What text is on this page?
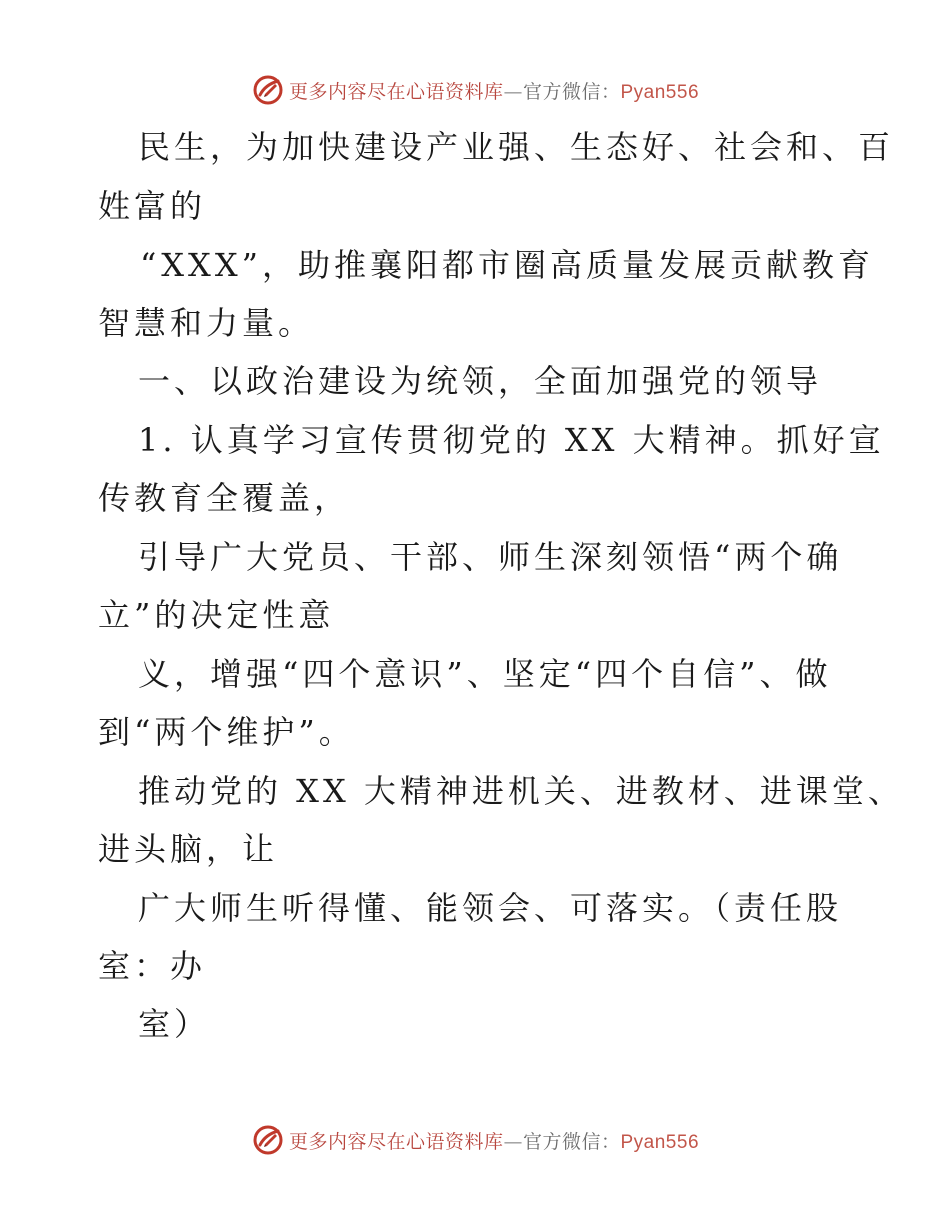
更多内容尽在心语资料库—官方微信：Pyan556
民生，为加快建设产业强、生态好、社会和、百
姓富的
“XXX”，助推襄阳都市圈高质量发展贡献教育
智慧和力量。
一、以政治建设为统领，全面加强党的领导
1. 认真学习宣传贯彻党的 XX 大精神。抓好宣
传教育全覆盖，
引导广大党员、干部、师生深刻领悟“两个确
立”的决定性意
义，增强“四个意识”、坚定“四个自信”、做
到“两个维护”。
推动党的 XX 大精神进机关、进教材、进课堂、
进头脑，让
广大师生听得懂、能领会、可落实。（责任股
室：办
室）
更多内容尽在心语资料库—官方微信：Pyan556
